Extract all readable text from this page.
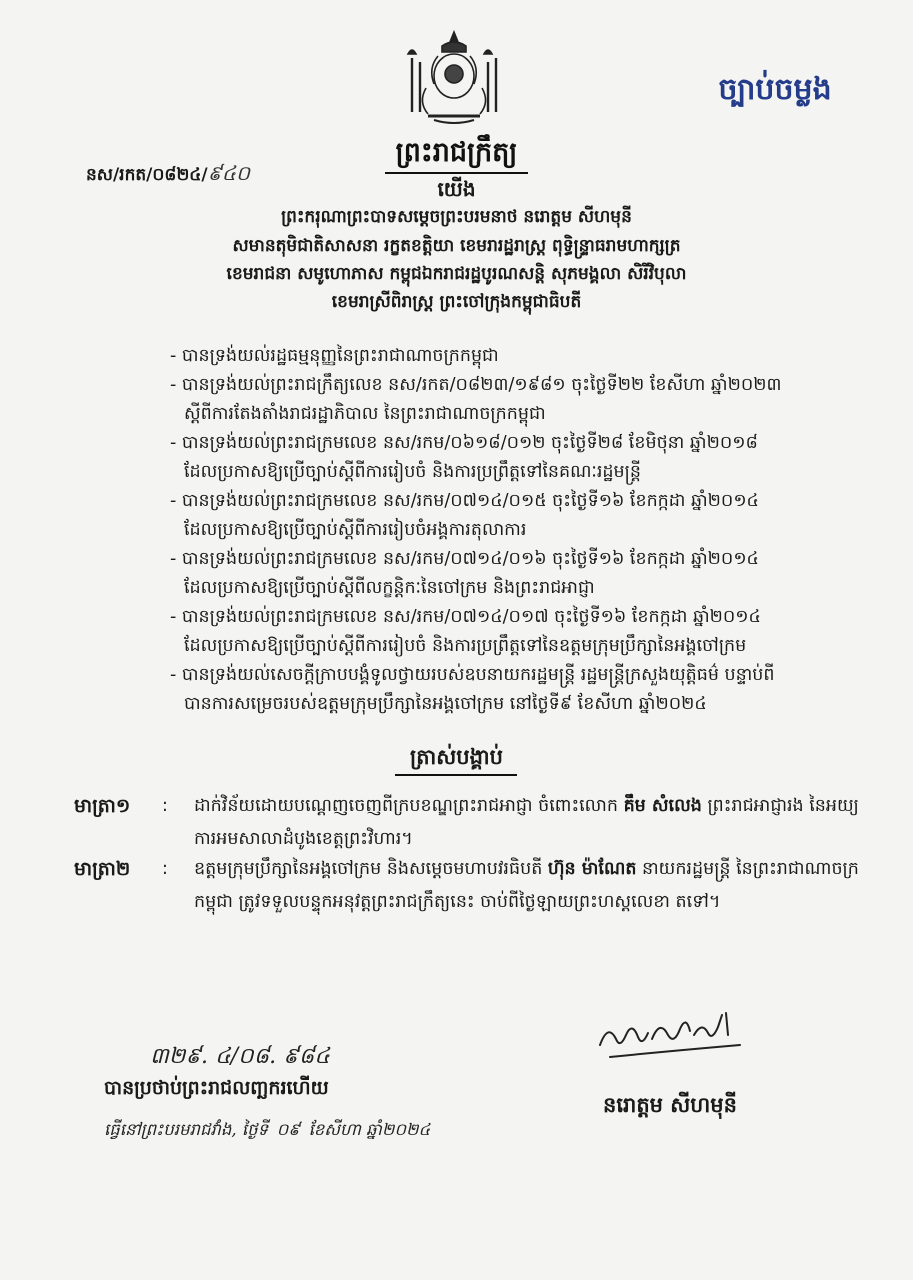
ច្បាប់ចម្លង
ព្រះរាជក្រឹត្យ
នស/រកត/០៨២៤/៩៤០
យើង
ព្រះករុណាព្រះបាទសម្តេចព្រះបរមនាថ នរោត្តម សីហមុនី
សមានតុមិជាតិសាសនា រក្ខតខត្តិយា ខេមរារដ្ឋរាស្ត្រ ពុទ្ធិន្ទ្រាធរាមហាក្សត្រ
ខេមរាជនា សមូហោភាស កម្ពុជឯករាជរដ្ឋបូរណសន្តិ សុភមង្គលា សិរីវិបុលា
ខេមរាស្រីពិរាស្ត្រ ព្រះចៅក្រុងកម្ពុជាធិបតី
- បានទ្រង់យល់រដ្ឋធម្មនុញ្ញនៃព្រះរាជាណាចក្រកម្ពុជា
- បានទ្រង់យល់ព្រះរាជក្រឹត្យលេខ នស/រកត/០៨២៣/១៩៨១ ចុះថ្ងៃទី២២ ខែសីហា ឆ្នាំ២០២៣
ស្តីពីការតែងតាំងរាជរដ្ឋាភិបាល នៃព្រះរាជាណាចក្រកម្ពុជា
- បានទ្រង់យល់ព្រះរាជក្រមលេខ នស/រកម/០៦១៨/០១២ ចុះថ្ងៃទី២៨ ខែមិថុនា ឆ្នាំ២០១៨
ដែលប្រកាសឱ្យប្រើច្បាប់ស្តីពីការរៀបចំ និងការប្រព្រឹត្តទៅនៃគណៈរដ្ឋមន្ត្រី
- បានទ្រង់យល់ព្រះរាជក្រមលេខ នស/រកម/០៧១៤/០១៥ ចុះថ្ងៃទី១៦ ខែកក្កដា ឆ្នាំ២០១៤
ដែលប្រកាសឱ្យប្រើច្បាប់ស្តីពីការរៀបចំអង្គការតុលាការ
- បានទ្រង់យល់ព្រះរាជក្រមលេខ នស/រកម/០៧១៤/០១៦ ចុះថ្ងៃទី១៦ ខែកក្កដា ឆ្នាំ២០១៤
ដែលប្រកាសឱ្យប្រើច្បាប់ស្តីពីលក្ខន្តិកៈនៃចៅក្រម និងព្រះរាជអាជ្ញា
- បានទ្រង់យល់ព្រះរាជក្រមលេខ នស/រកម/០៧១៤/០១៧ ចុះថ្ងៃទី១៦ ខែកក្កដា ឆ្នាំ២០១៤
ដែលប្រកាសឱ្យប្រើច្បាប់ស្តីពីការរៀបចំ និងការប្រព្រឹត្តទៅនៃឧត្តមក្រុមប្រឹក្សានៃអង្គចៅក្រម
- បានទ្រង់យល់សេចក្តីក្រាបបង្គំទូលថ្វាយរបស់ឧបនាយករដ្ឋមន្ត្រី រដ្ឋមន្ត្រីក្រសួងយុត្តិធម៌ បន្ទាប់ពី
បានការសម្រេចរបស់ឧត្តមក្រុមប្រឹក្សានៃអង្គចៅក្រម នៅថ្ងៃទី៩ ខែសីហា ឆ្នាំ២០២៤
ត្រាស់បង្គាប់
មាត្រា១	: ដាក់វិន័យដោយបណ្តេញចេញពីក្របខណ្ឌព្រះរាជអាជ្ញា ចំពោះលោក គឹម សំលេង ព្រះរាជអាជ្ញារង នៃអយ្យការអមសាលាដំបូងខេត្តព្រះវិហារ។
មាត្រា២	: ឧត្តមក្រុមប្រឹក្សានៃអង្គចៅក្រម និងសម្តេចមហាបវរធិបតី ហ៊ុន ម៉ាណែត នាយករដ្ឋមន្ត្រី នៃព្រះរាជាណាចក្រកម្ពុជា ត្រូវទទួលបន្ទុកអនុវត្តព្រះរាជក្រឹត្យនេះ ចាប់ពីថ្ងៃឡាយព្រះហស្តលេខា តទៅ។
នរោត្តម សីហមុនី
៣២៩. ៤/០៨. ៩៨៤
បានប្រថាប់ព្រះរាជលញ្ឆករហើយ
ធ្វើនៅព្រះបរមរាជវាំង, ថ្ងៃទី ០៩ ខែសីហា ឆ្នាំ២០២៤
